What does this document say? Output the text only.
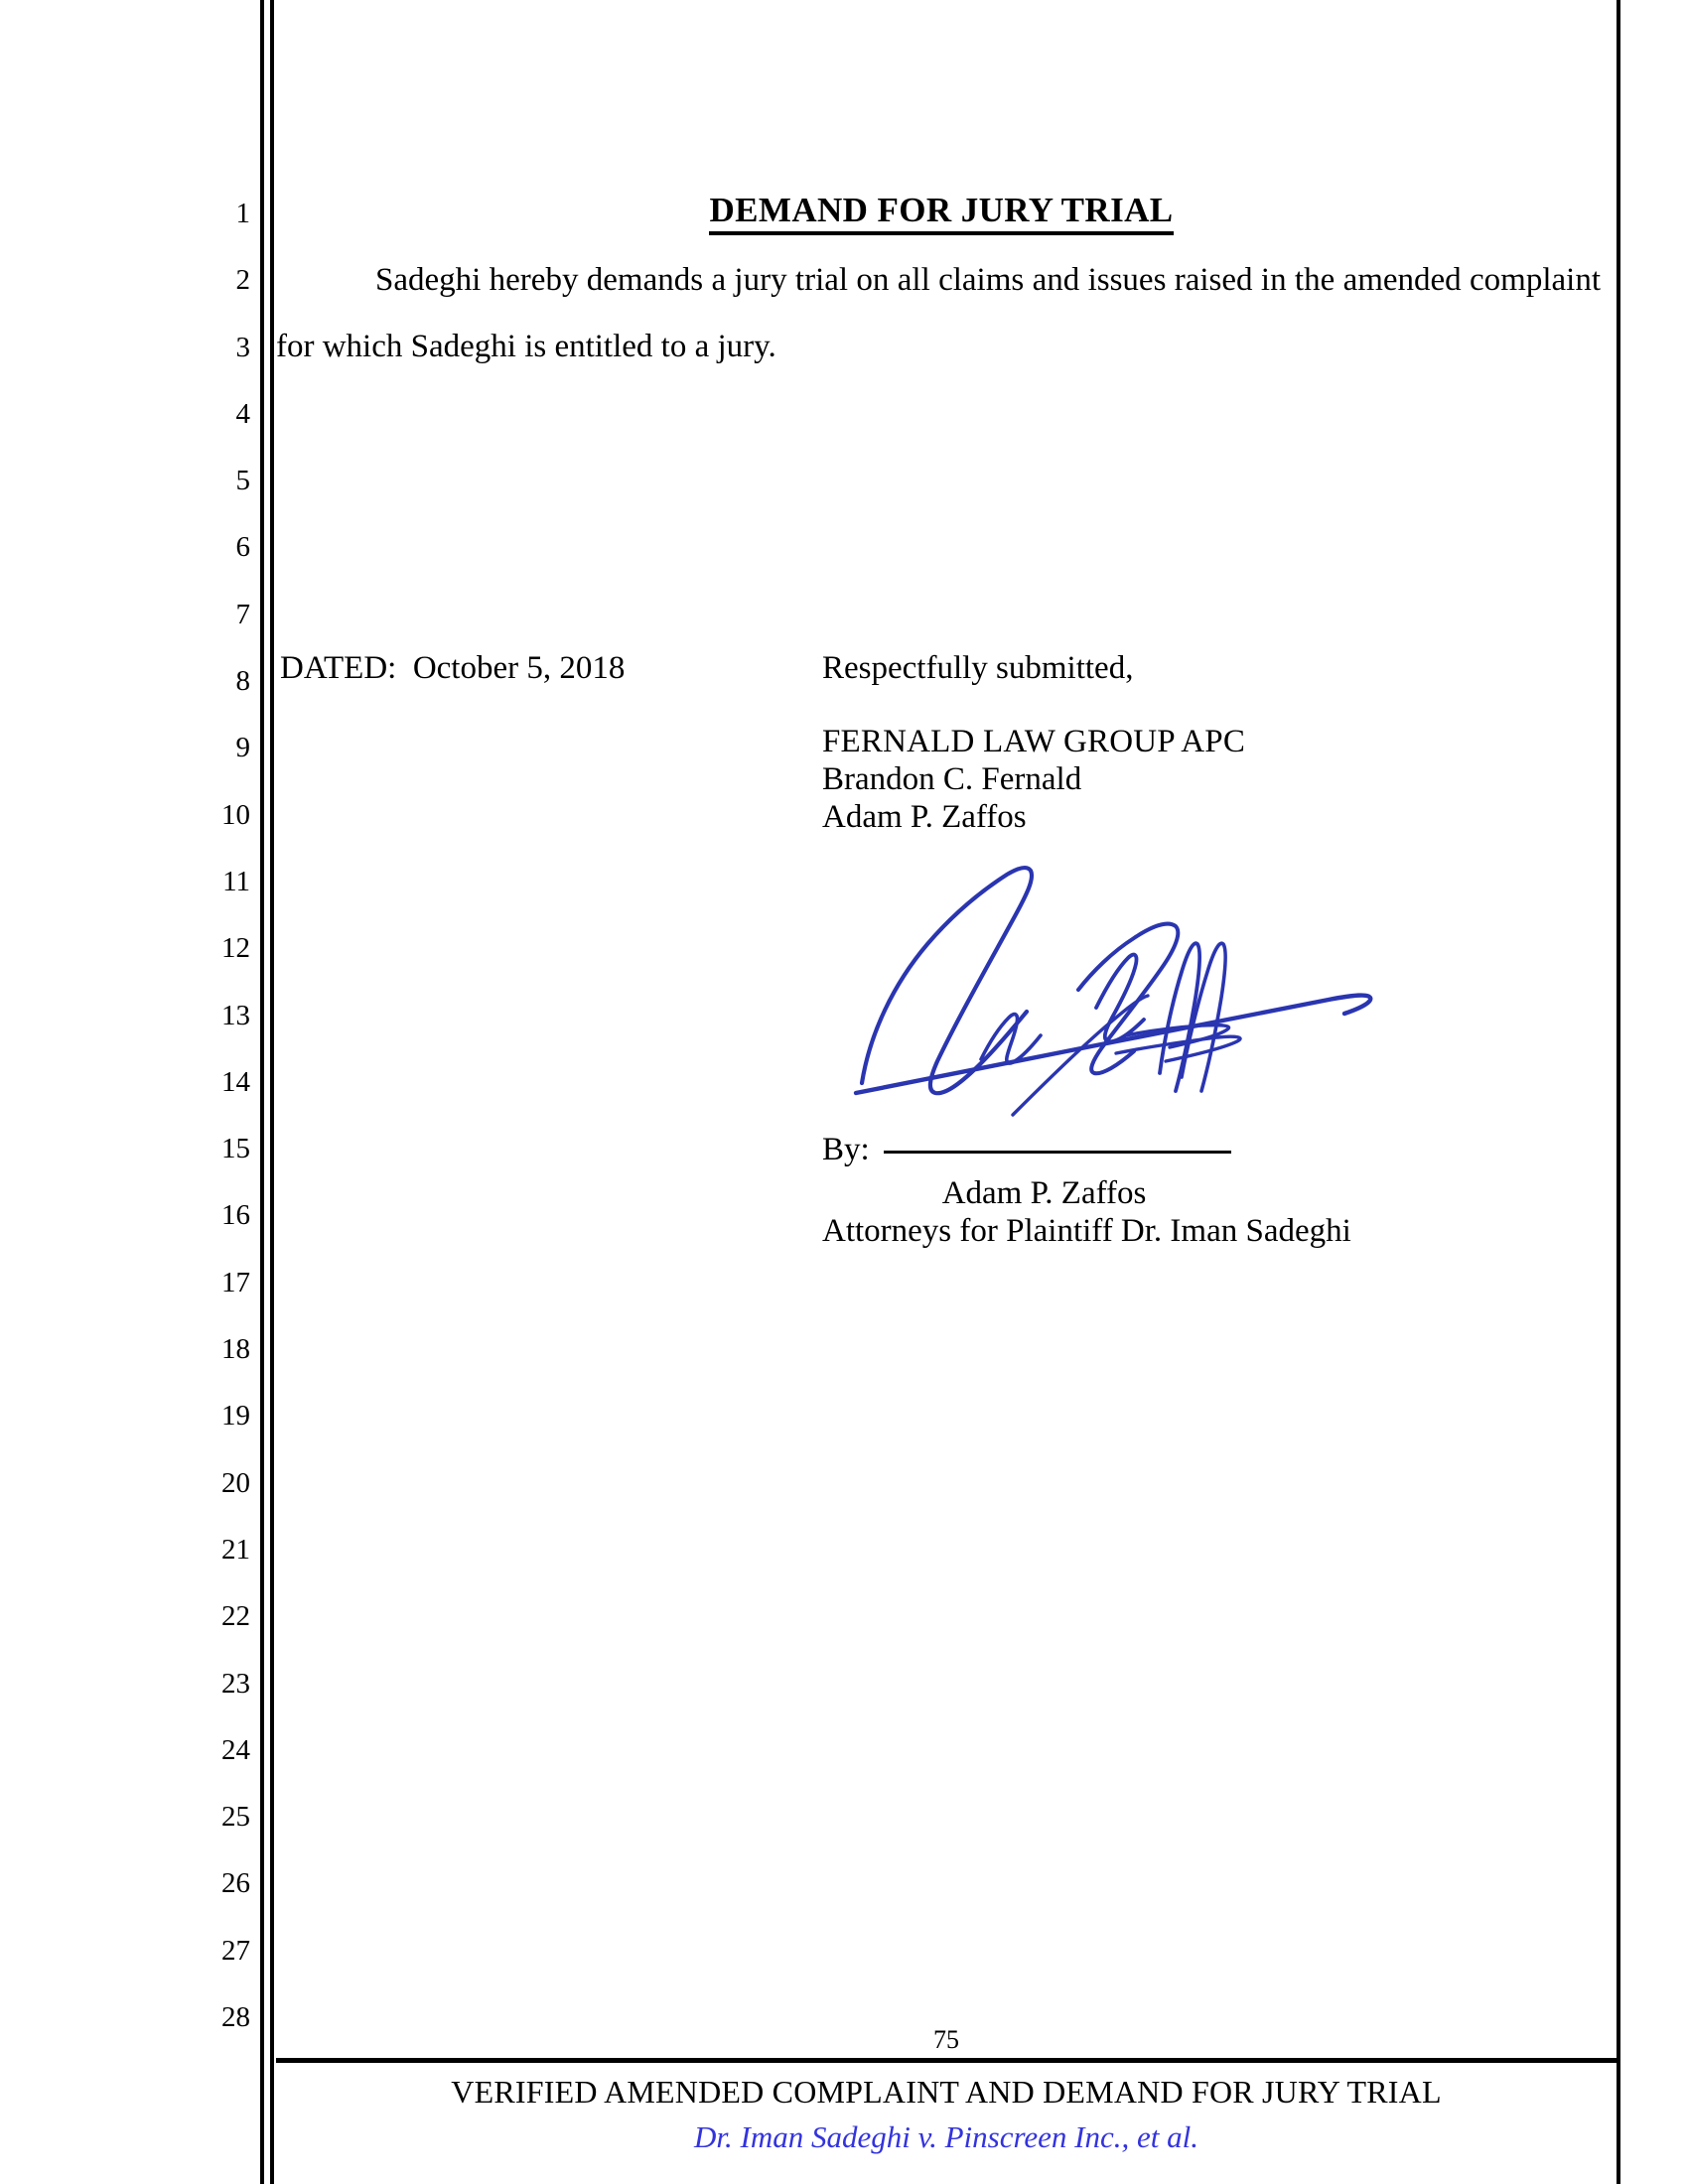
1
2
3
4
5
6
7
8
9
10
11
12
13
14
15
16
17
18
19
20
21
22
23
24
25
26
27
28
DEMAND FOR JURY TRIAL

Sadeghi hereby demands a jury trial on all claims and issues raised in the amended complaint for which Sadeghi is entitled to a jury.

DATED:  October 5, 2018	Respectfully submitted,
FERNALD LAW GROUP APC
Brandon C. Fernald
Adam P. Zaffos
By:
Adam P. Zaffos
Attorneys for Plaintiff Dr. Iman Sadeghi
75
VERIFIED AMENDED COMPLAINT AND DEMAND FOR JURY TRIAL
Dr. Iman Sadeghi v. Pinscreen Inc., et al.
